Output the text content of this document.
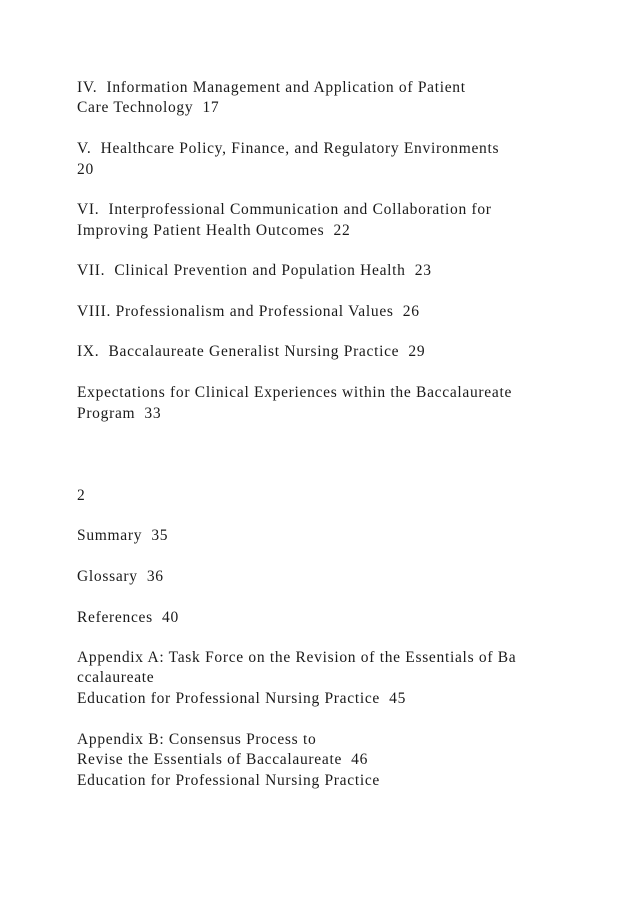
IV.  Information Management and Application of Patient
Care Technology  17
V.  Healthcare Policy, Finance, and Regulatory Environments
20
VI.  Interprofessional Communication and Collaboration for
Improving Patient Health Outcomes  22
VII.  Clinical Prevention and Population Health  23
VIII. Professionalism and Professional Values  26
IX.  Baccalaureate Generalist Nursing Practice  29
Expectations for Clinical Experiences within the Baccalaureate
Program  33
2
Summary  35
Glossary  36
References  40
Appendix A: Task Force on the Revision of the Essentials of Ba
ccalaureate
Education for Professional Nursing Practice  45
Appendix B: Consensus Process to
Revise the Essentials of Baccalaureate  46
Education for Professional Nursing Practice
